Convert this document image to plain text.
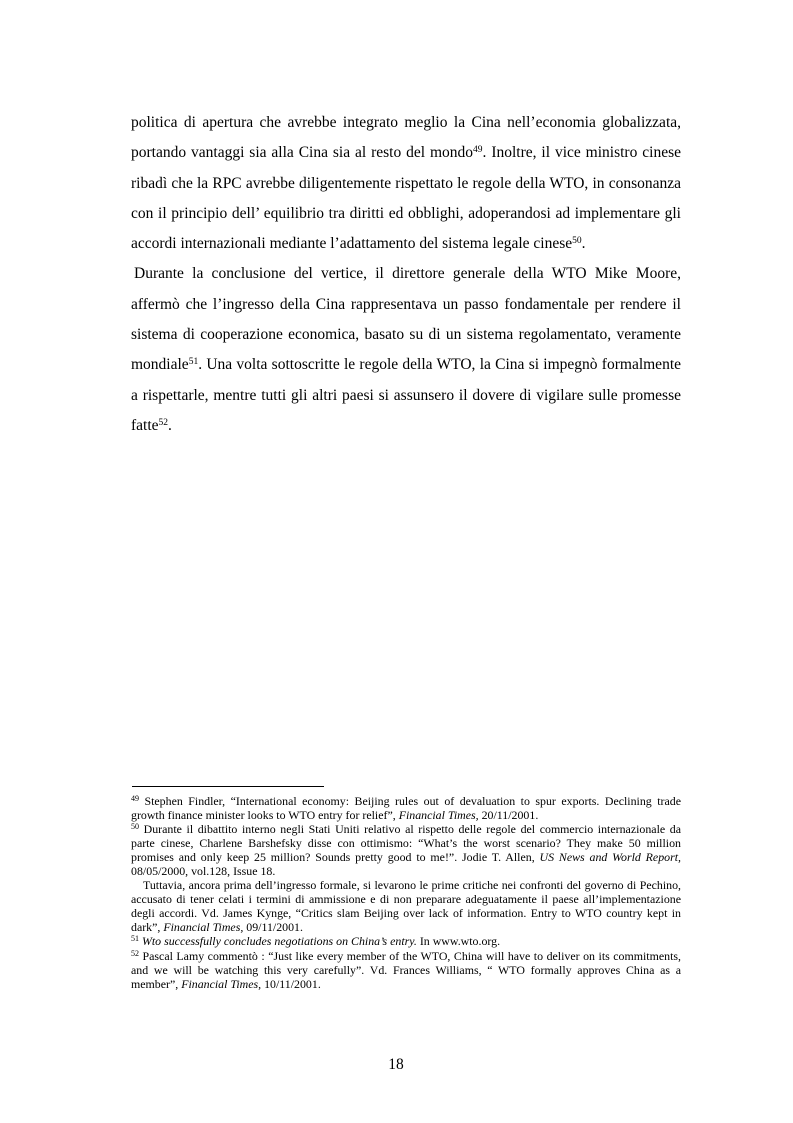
politica di apertura che avrebbe integrato meglio la Cina nell’economia globalizzata, portando vantaggi sia alla Cina sia al resto del mondo$^{49}$. Inoltre, il vice ministro cinese ribadì che la RPC avrebbe diligentemente rispettato le regole della WTO, in consonanza con il principio dell’ equilibrio tra diritti ed obblighi, adoperandosi ad implementare gli accordi internazionali mediante l’adattamento del sistema legale cinese$^{50}$.

Durante la conclusione del vertice, il direttore generale della WTO Mike Moore, affermò che l’ingresso della Cina rappresentava un passo fondamentale per rendere il sistema di cooperazione economica, basato su di un sistema regolamentato, veramente mondiale$^{51}$. Una volta sottoscritte le regole della WTO, la Cina si impegnò formalmente a rispettarle, mentre tutti gli altri paesi si assunsero il dovere di vigilare sulle promesse fatte$^{52}$.

$^{49}$ Stephen Findler, “International economy: Beijing rules out of devaluation to spur exports. Declining trade growth finance minister looks to WTO entry for relief”, Financial Times, 20/11/2001.

$^{50}$ Durante il dibattito interno negli Stati Uniti relativo al rispetto delle regole del commercio internazionale da parte cinese, Charlene Barshefsky disse con ottimismo: “What’s the worst scenario? They make 50 million promises and only keep 25 million? Sounds pretty good to me!”. Jodie T. Allen, US News and World Report, 08/05/2000, vol.128, Issue 18.

Tuttavia, ancora prima dell’ingresso formale, si levarono le prime critiche nei confronti del governo di Pechino, accusato di tener celati i termini di ammissione e di non preparare adeguatamente il paese all’implementazione degli accordi. Vd. James Kynge, “Critics slam Beijing over lack of information. Entry to WTO country kept in dark”, Financial Times, 09/11/2001.

$^{51}$ Wto successfully concludes negotiations on China’s entry. In www.wto.org.

$^{52}$ Pascal Lamy commentò : “Just like every member of the WTO, China will have to deliver on its commitments, and we will be watching this very carefully”. Vd. Frances Williams, “ WTO formally approves China as a member”, Financial Times, 10/11/2001.

18
